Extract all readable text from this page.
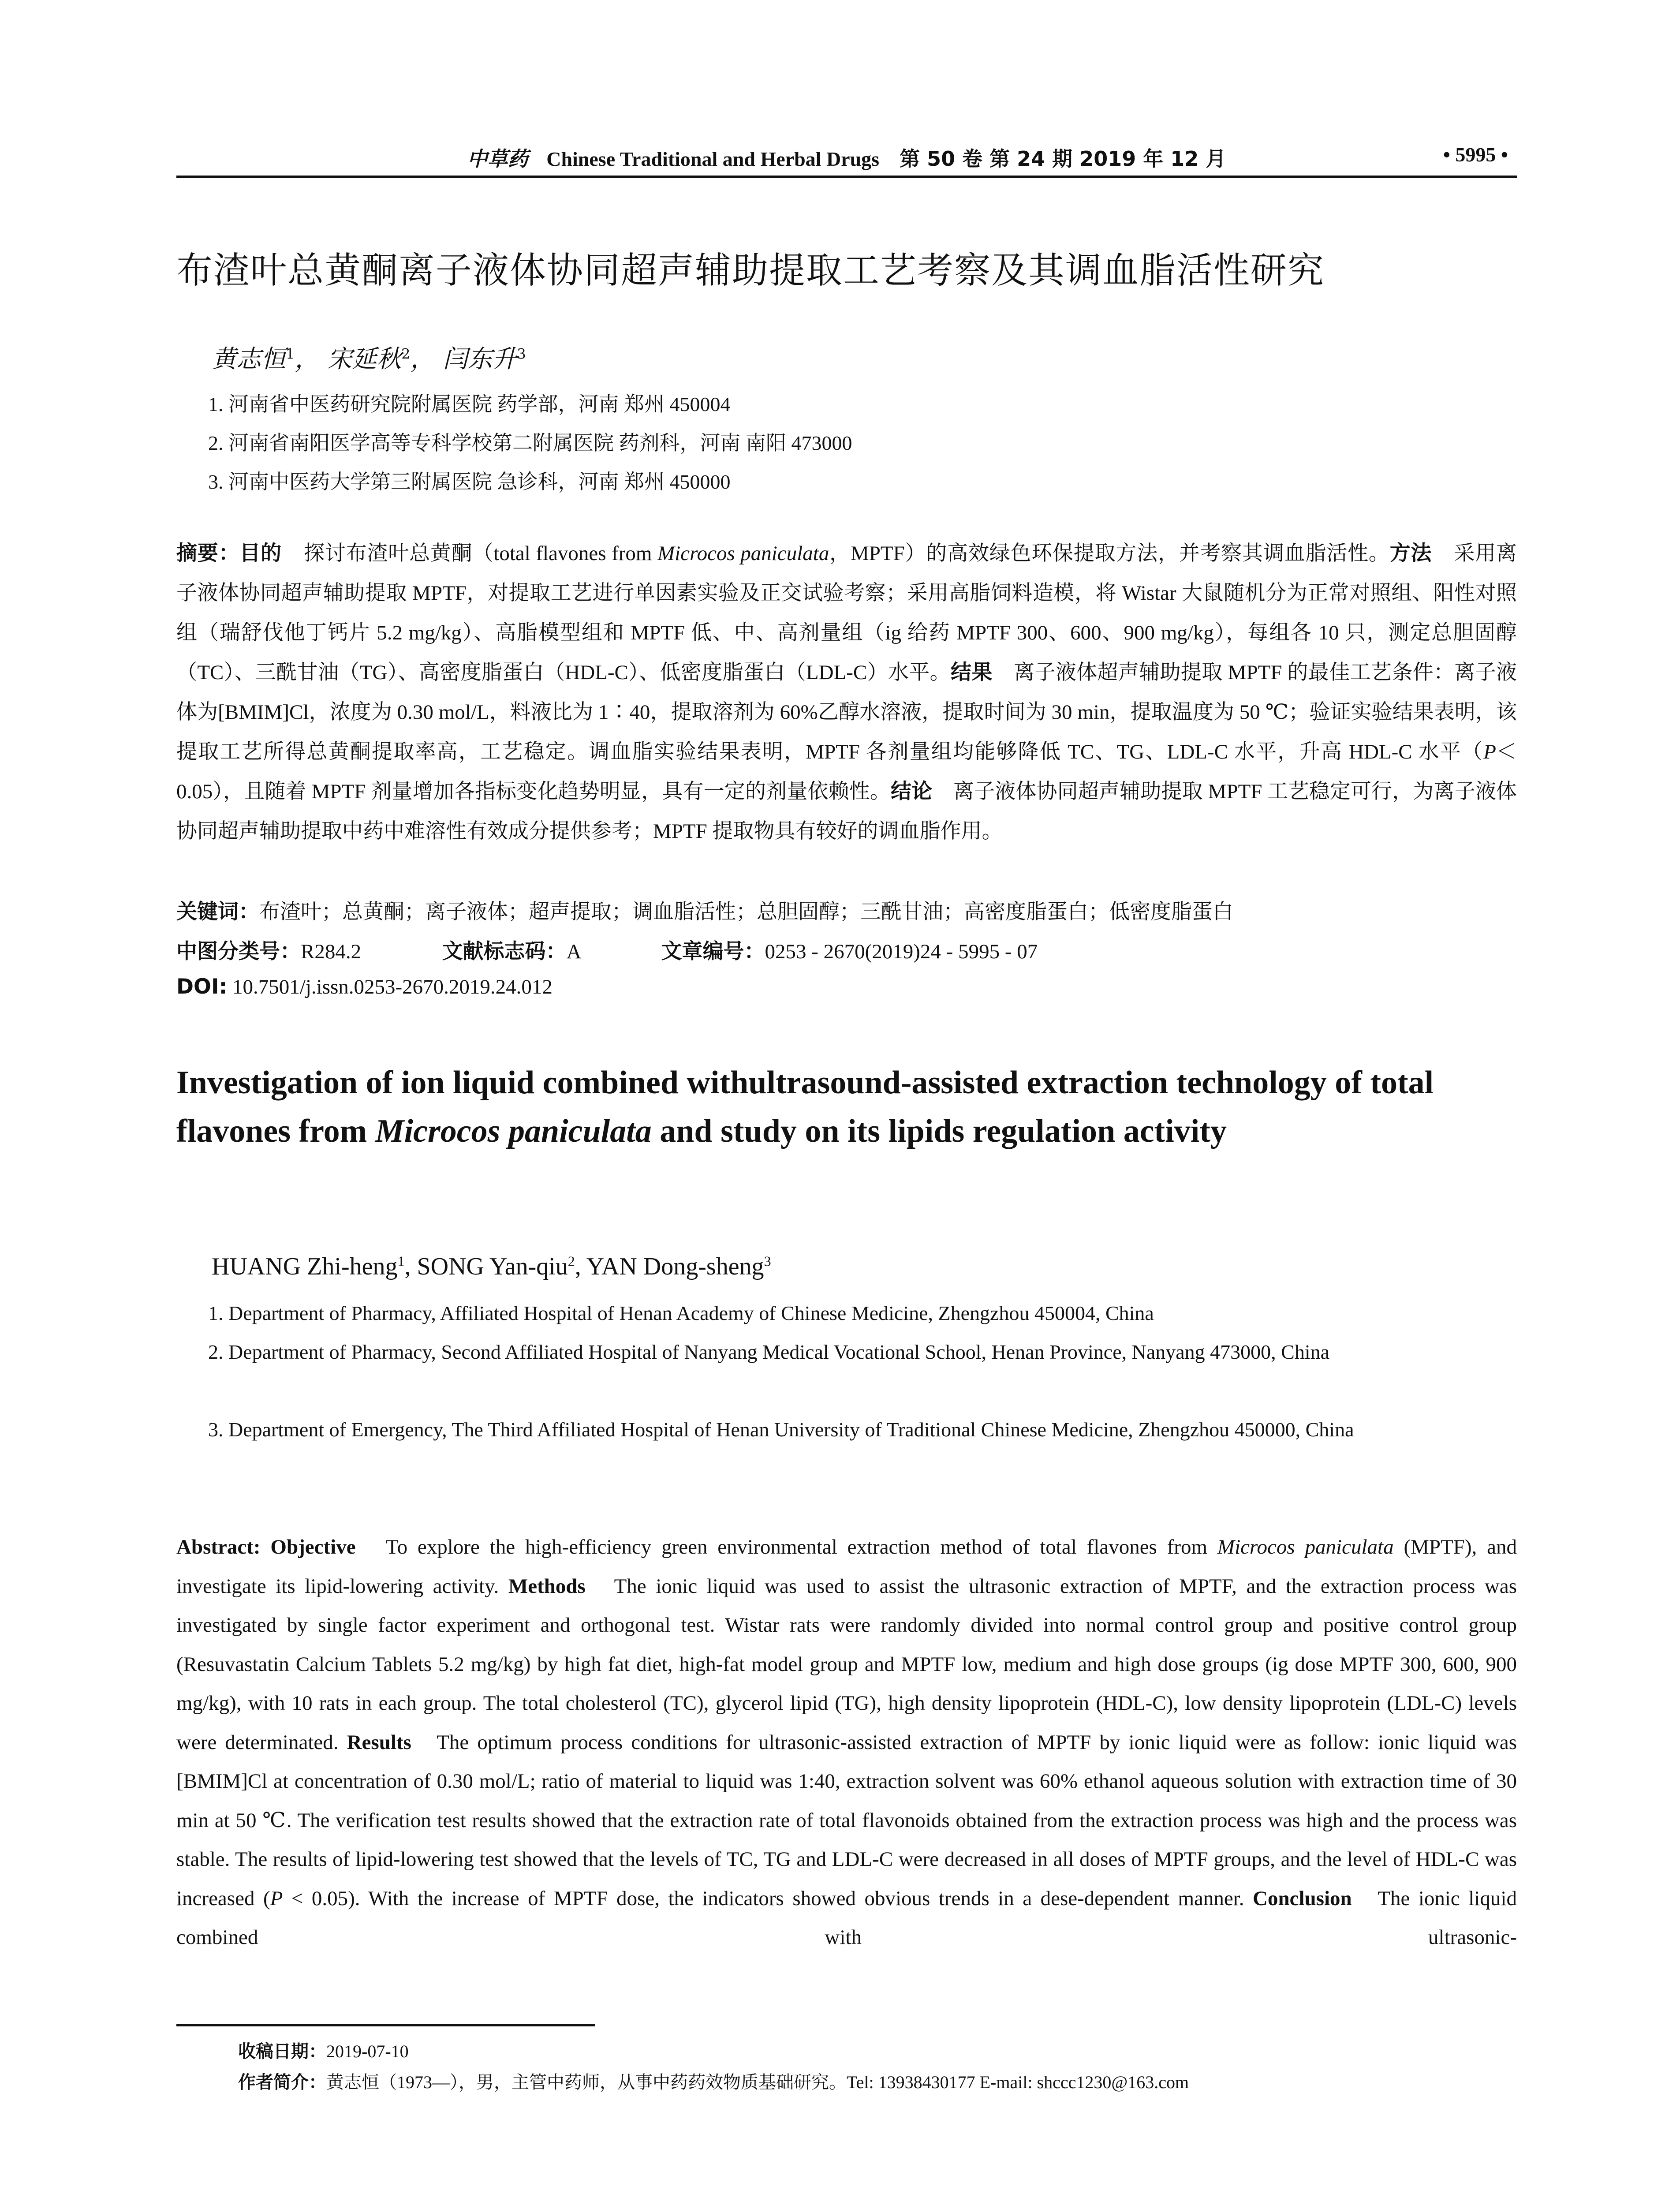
中草药 Chinese Traditional and Herbal Drugs 第 50 卷 第 24 期 2019 年 12 月	• 5995 •
布渣叶总黄酮离子液体协同超声辅助提取工艺考察及其调血脂活性研究
黄志恒$^1$， 宋延秋$^2$， 闫东升$^3$
1. 河南省中医药研究院附属医院 药学部，河南 郑州 450004
2. 河南省南阳医学高等专科学校第二附属医院 药剂科，河南 南阳 473000
3. 河南中医药大学第三附属医院 急诊科，河南 郑州 450000
摘要：目的 探讨布渣叶总黄酮（total flavones from Microcos paniculata，MPTF）的高效绿色环保提取方法，并考察其调血脂活性。方法 采用离子液体协同超声辅助提取 MPTF，对提取工艺进行单因素实验及正交试验考察；采用高脂饲料造模，将 Wistar 大鼠随机分为正常对照组、阳性对照组（瑞舒伐他丁钙片 5.2 mg/kg）、高脂模型组和 MPTF 低、中、高剂量组（ig 给药 MPTF 300、600、900 mg/kg），每组各 10 只，测定总胆固醇（TC）、三酰甘油（TG）、高密度脂蛋白（HDL-C）、低密度脂蛋白（LDL-C）水平。结果 离子液体超声辅助提取 MPTF 的最佳工艺条件：离子液体为[BMIM]Cl，浓度为 0.30 mol/L，料液比为 1∶40，提取溶剂为 60%乙醇水溶液，提取时间为 30 min，提取温度为 50 ℃；验证实验结果表明，该提取工艺所得总黄酮提取率高，工艺稳定。调血脂实验结果表明，MPTF 各剂量组均能够降低 TC、TG、LDL-C 水平，升高 HDL-C 水平（P＜0.05），且随着 MPTF 剂量增加各指标变化趋势明显，具有一定的剂量依赖性。结论 离子液体协同超声辅助提取 MPTF 工艺稳定可行，为离子液体协同超声辅助提取中药中难溶性有效成分提供参考；MPTF 提取物具有较好的调血脂作用。
关键词：布渣叶；总黄酮；离子液体；超声提取；调血脂活性；总胆固醇；三酰甘油；高密度脂蛋白；低密度脂蛋白
中图分类号：R284.2	文献标志码：A	文章编号：0253 - 2670(2019)24 - 5995 - 07
DOI: 10.7501/j.issn.0253-2670.2019.24.012
Investigation of ion liquid combined withultrasound-assisted extraction technology of total flavones from Microcos paniculata and study on its lipids regulation activity
HUANG Zhi-heng$^1$, SONG Yan-qiu$^2$, YAN Dong-sheng$^3$
1. Department of Pharmacy, Affiliated Hospital of Henan Academy of Chinese Medicine, Zhengzhou 450004, China
2. Department of Pharmacy, Second Affiliated Hospital of Nanyang Medical Vocational School, Henan Province, Nanyang 473000, China
3. Department of Emergency, The Third Affiliated Hospital of Henan University of Traditional Chinese Medicine, Zhengzhou 450000, China
Abstract: Objective To explore the high-efficiency green environmental extraction method of total flavones from Microcos paniculata (MPTF), and investigate its lipid-lowering activity. Methods The ionic liquid was used to assist the ultrasonic extraction of MPTF, and the extraction process was investigated by single factor experiment and orthogonal test. Wistar rats were randomly divided into normal control group and positive control group (Resuvastatin Calcium Tablets 5.2 mg/kg) by high fat diet, high-fat model group and MPTF low, medium and high dose groups (ig dose MPTF 300, 600, 900 mg/kg), with 10 rats in each group. The total cholesterol (TC), glycerol lipid (TG), high density lipoprotein (HDL-C), low density lipoprotein (LDL-C) levels were determinated. Results The optimum process conditions for ultrasonic-assisted extraction of MPTF by ionic liquid were as follow: ionic liquid was [BMIM]Cl at concentration of 0.30 mol/L; ratio of material to liquid was 1:40, extraction solvent was 60% ethanol aqueous solution with extraction time of 30 min at 50 ℃. The verification test results showed that the extraction rate of total flavonoids obtained from the extraction process was high and the process was stable. The results of lipid-lowering test showed that the levels of TC, TG and LDL-C were decreased in all doses of MPTF groups, and the level of HDL-C was increased (P < 0.05). With the increase of MPTF dose, the indicators showed obvious trends in a dese-dependent manner. Conclusion The ionic liquid combined with ultrasonic-
收稿日期：2019-07-10
作者简介：黄志恒（1973—），男，主管中药师，从事中药药效物质基础研究。Tel: 13938430177 E-mail: shccc1230@163.com
